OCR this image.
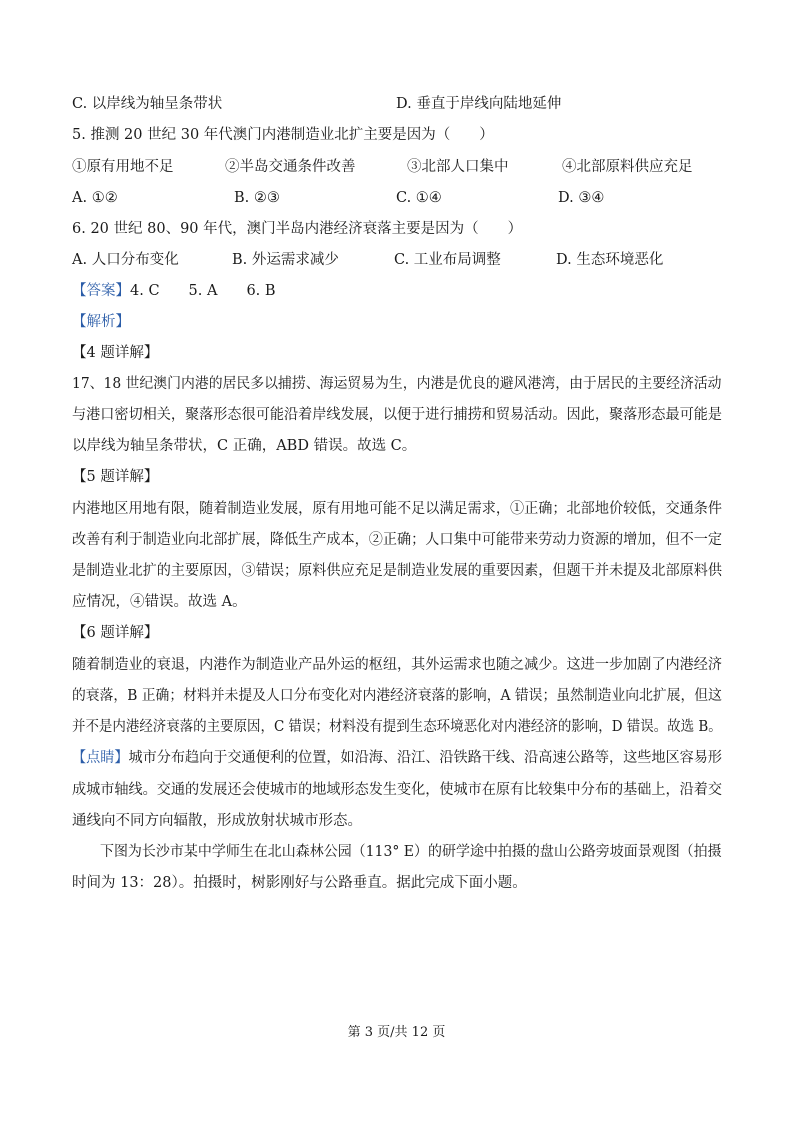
C. 以岸线为轴呈条带状	D. 垂直于岸线向陆地延伸
5. 推测 20 世纪 30 年代澳门内港制造业北扩主要是因为（　　）
①原有用地不足	②半岛交通条件改善	③北部人口集中	④北部原料供应充足
A. ①②	B. ②③	C. ①④	D. ③④
6. 20 世纪 80、90 年代，澳门半岛内港经济衰落主要是因为（　　）
A. 人口分布变化	B. 外运需求减少	C. 工业布局调整	D. 生态环境恶化
【答案】4. C　　5. A　　6. B
【解析】
【4 题详解】
17、18 世纪澳门内港的居民多以捕捞、海运贸易为生，内港是优良的避风港湾，由于居民的主要经济活动
与港口密切相关，聚落形态很可能沿着岸线发展，以便于进行捕捞和贸易活动。因此，聚落形态最可能是
以岸线为轴呈条带状，C 正确，ABD 错误。故选 C。
【5 题详解】
内港地区用地有限，随着制造业发展，原有用地可能不足以满足需求，①正确；北部地价较低，交通条件
改善有利于制造业向北部扩展，降低生产成本，②正确；人口集中可能带来劳动力资源的增加，但不一定
是制造业北扩的主要原因，③错误；原料供应充足是制造业发展的重要因素，但题干并未提及北部原料供
应情况，④错误。故选 A。
【6 题详解】
随着制造业的衰退，内港作为制造业产品外运的枢纽，其外运需求也随之减少。这进一步加剧了内港经济
的衰落，B 正确；材料并未提及人口分布变化对内港经济衰落的影响，A 错误；虽然制造业向北扩展，但这
并不是内港经济衰落的主要原因，C 错误；材料没有提到生态环境恶化对内港经济的影响，D 错误。故选 B。
【点睛】城市分布趋向于交通便利的位置，如沿海、沿江、沿铁路干线、沿高速公路等，这些地区容易形
成城市轴线。交通的发展还会使城市的地域形态发生变化，使城市在原有比较集中分布的基础上，沿着交
通线向不同方向辐散，形成放射状城市形态。
　　下图为长沙市某中学师生在北山森林公园（113° E）的研学途中拍摄的盘山公路旁坡面景观图（拍摄
时间为 13：28）。拍摄时，树影刚好与公路垂直。据此完成下面小题。
第 3 页/共 12 页
